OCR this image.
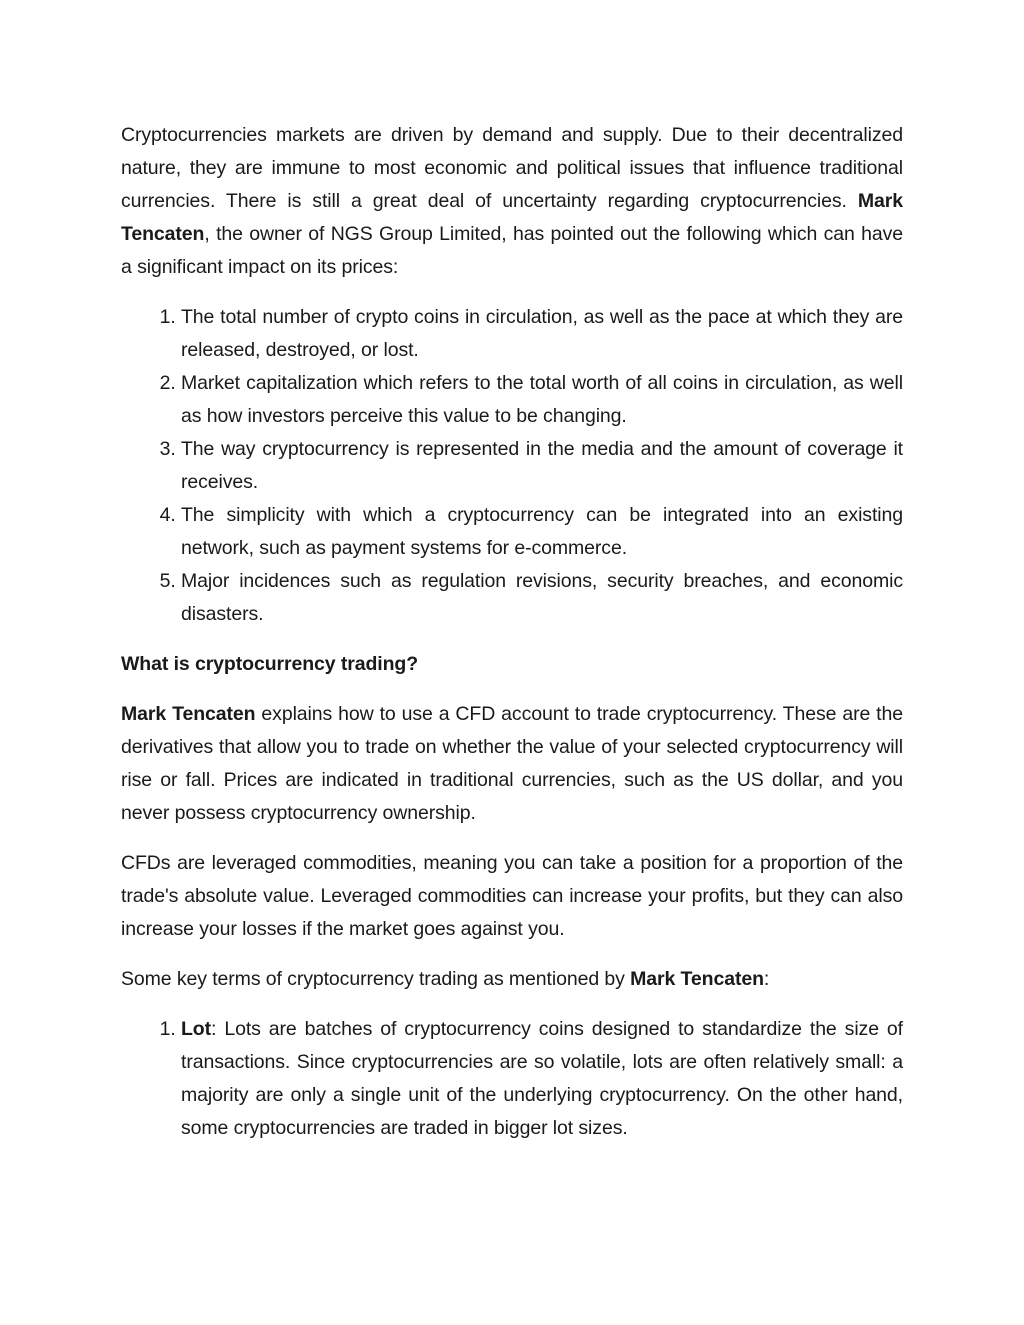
Cryptocurrencies markets are driven by demand and supply. Due to their decentralized nature, they are immune to most economic and political issues that influence traditional currencies. There is still a great deal of uncertainty regarding cryptocurrencies. Mark Tencaten, the owner of NGS Group Limited, has pointed out the following which can have a significant impact on its prices:

1. The total number of crypto coins in circulation, as well as the pace at which they are released, destroyed, or lost.
2. Market capitalization which refers to the total worth of all coins in circulation, as well as how investors perceive this value to be changing.
3. The way cryptocurrency is represented in the media and the amount of coverage it receives.
4. The simplicity with which a cryptocurrency can be integrated into an existing network, such as payment systems for e-commerce.
5. Major incidences such as regulation revisions, security breaches, and economic disasters.

What is cryptocurrency trading?

Mark Tencaten explains how to use a CFD account to trade cryptocurrency. These are the derivatives that allow you to trade on whether the value of your selected cryptocurrency will rise or fall. Prices are indicated in traditional currencies, such as the US dollar, and you never possess cryptocurrency ownership.

CFDs are leveraged commodities, meaning you can take a position for a proportion of the trade's absolute value. Leveraged commodities can increase your profits, but they can also increase your losses if the market goes against you.

Some key terms of cryptocurrency trading as mentioned by Mark Tencaten:

1. Lot: Lots are batches of cryptocurrency coins designed to standardize the size of transactions. Since cryptocurrencies are so volatile, lots are often relatively small: a majority are only a single unit of the underlying cryptocurrency. On the other hand, some cryptocurrencies are traded in bigger lot sizes.
